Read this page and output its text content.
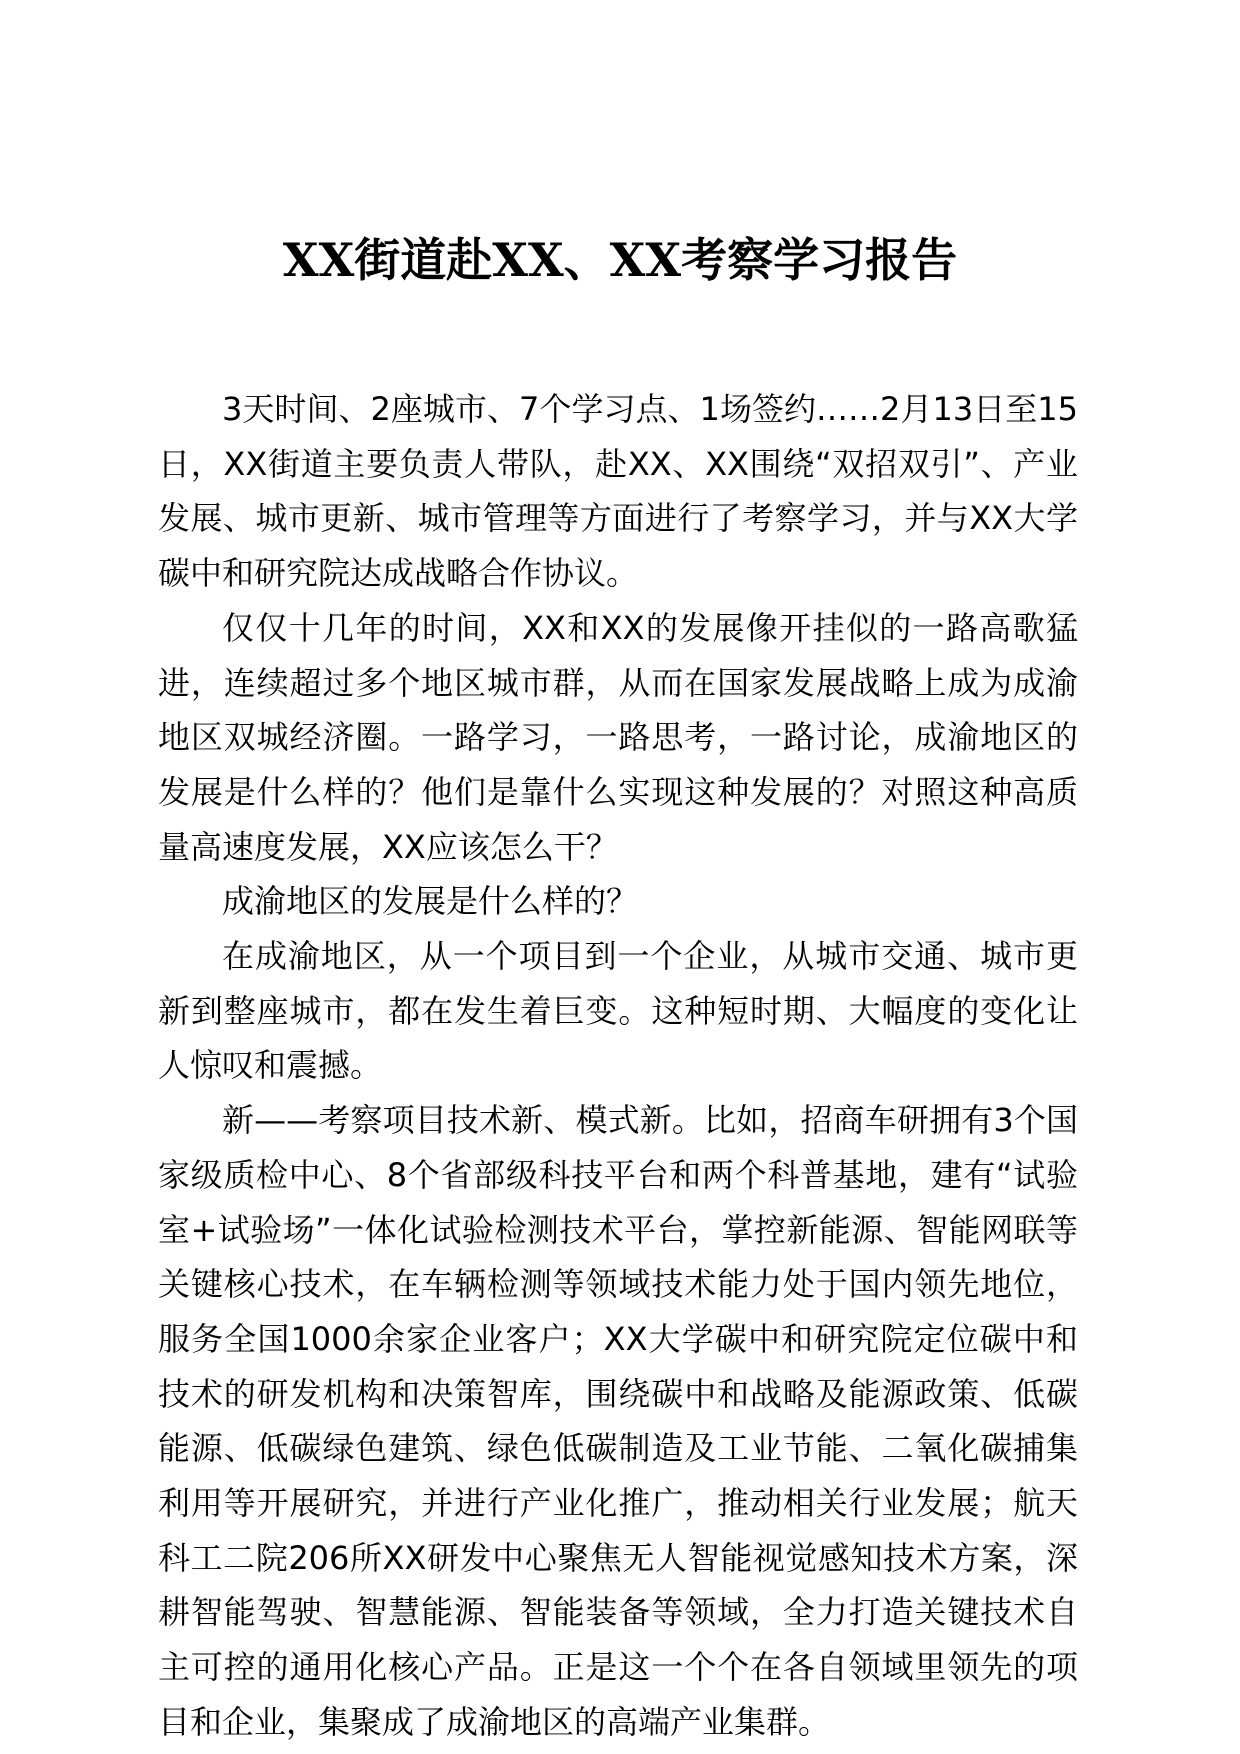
XX街道赴XX、XX考察学习报告

3天时间、2座城市、7个学习点、1场签约……2月13日至15日，XX街道主要负责人带队，赴XX、XX围绕“双招双引”、产业发展、城市更新、城市管理等方面进行了考察学习，并与XX大学碳中和研究院达成战略合作协议。

仅仅十几年的时间，XX和XX的发展像开挂似的一路高歌猛进，连续超过多个地区城市群，从而在国家发展战略上成为成渝地区双城经济圈。一路学习，一路思考，一路讨论，成渝地区的发展是什么样的？他们是靠什么实现这种发展的？对照这种高质量高速度发展，XX应该怎么干？

成渝地区的发展是什么样的？

在成渝地区，从一个项目到一个企业，从城市交通、城市更新到整座城市，都在发生着巨变。这种短时期、大幅度的变化让人惊叹和震撼。

新——考察项目技术新、模式新。比如，招商车研拥有3个国家级质检中心、8个省部级科技平台和两个科普基地，建有“试验室+试验场”一体化试验检测技术平台，掌控新能源、智能网联等关键核心技术，在车辆检测等领域技术能力处于国内领先地位，服务全国1000余家企业客户；XX大学碳中和研究院定位碳中和技术的研发机构和决策智库，围绕碳中和战略及能源政策、低碳能源、低碳绿色建筑、绿色低碳制造及工业节能、二氧化碳捕集利用等开展研究，并进行产业化推广，推动相关行业发展；航天科工二院206所XX研发中心聚焦无人智能视觉感知技术方案，深耕智能驾驶、智慧能源、智能装备等领域，全力打造关键技术自主可控的通用化核心产品。正是这一个个在各自领域里领先的项目和企业，集聚成了成渝地区的高端产业集群。
